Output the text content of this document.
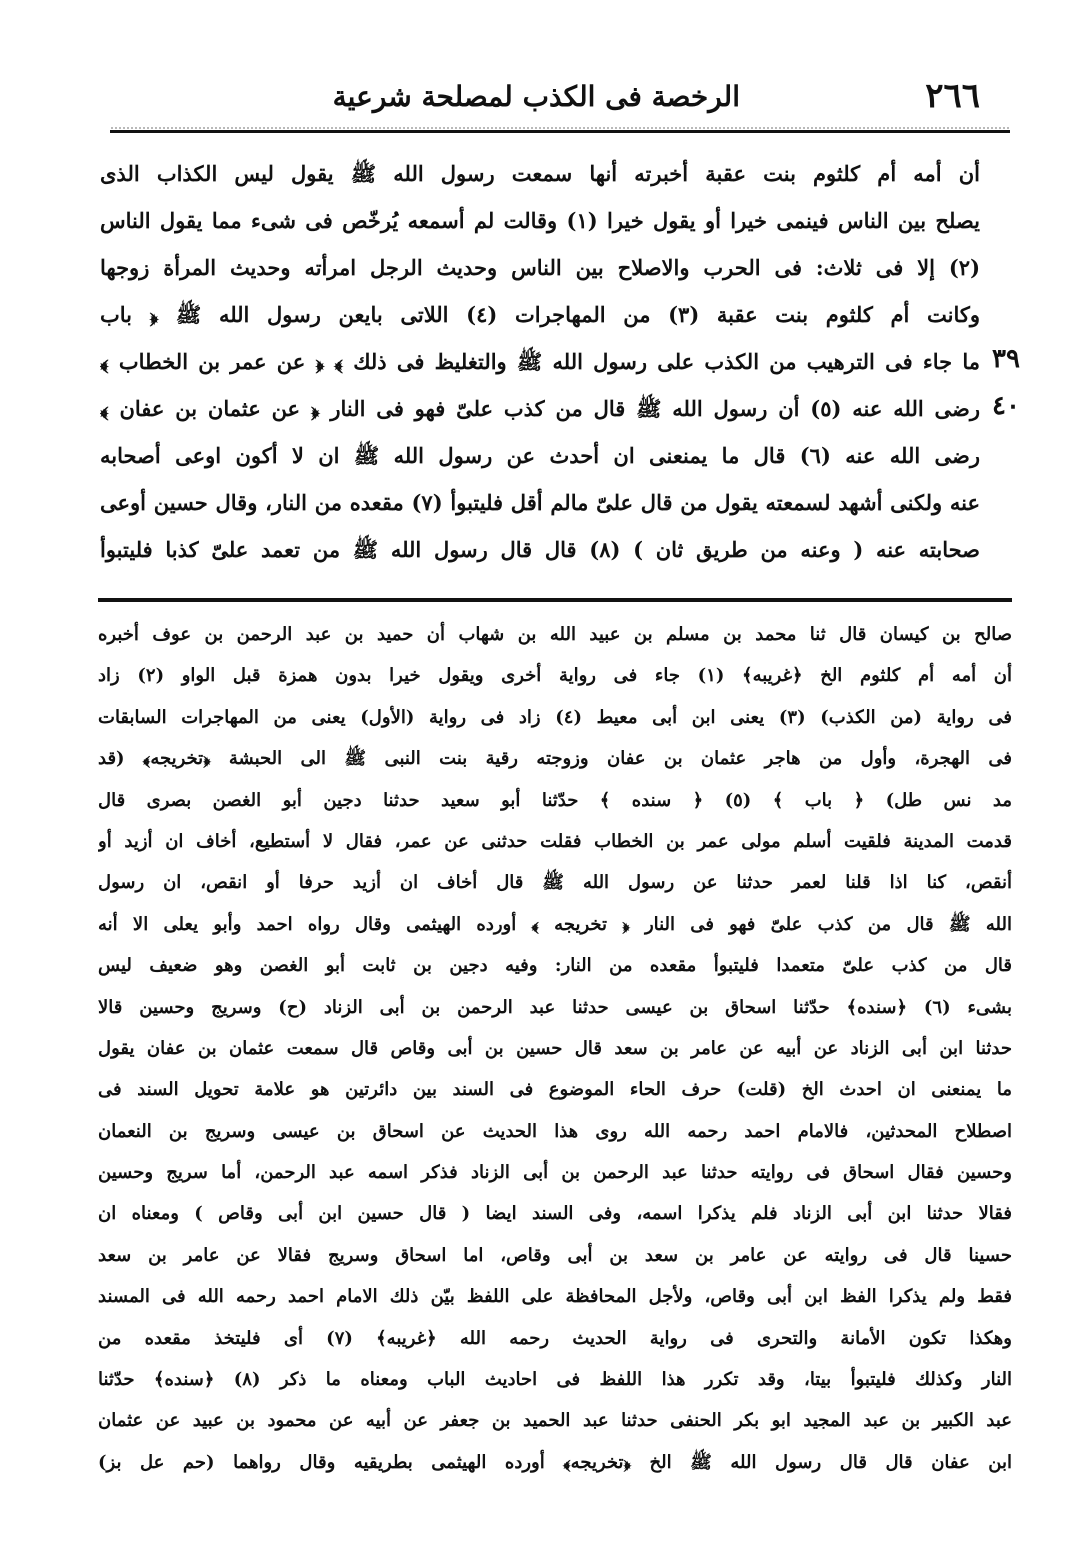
٢٦٦
الرخصة فى الكذب لمصلحة شرعية
٣٩
٤٠
أن أمه أم كلثوم بنت عقبة أخبرته أنها سمعت رسول الله ﷺ يقول ليس الكذاب الذى
يصلح بين الناس فينمى خيرا أو يقول خيرا (١) وقالت لم أسمعه يُرخّص فى شىء مما يقول الناس
(٢) إلا فى ثلاث: فى الحرب والاصلاح بين الناس وحديث الرجل امرأته وحديث المرأة زوجها
وكانت أم كلثوم بنت عقبة (٣) من المهاجرات (٤) اللاتى بايعن رسول الله ﷺ ﴿ باب
ما جاء فى الترهيب من الكذب على رسول الله ﷺ والتغليظ فى ذلك ﴾ ﴿ عن عمر بن الخطاب ﴾
رضى الله عنه (٥) أن رسول الله ﷺ قال من كذب علىّ فهو فى النار ﴿ عن عثمان بن عفان ﴾
رضى الله عنه (٦) قال ما يمنعنى ان أحدث عن رسول الله ﷺ ان لا أكون اوعى أصحابه
عنه ولكنى أشهد لسمعته يقول من قال علىّ مالم أقل فليتبوأ (٧) مقعده من النار، وقال حسين أوعى
صحابته عنه ( وعنه من طريق ثان ) (٨) قال قال رسول الله ﷺ من تعمد علىّ كذبا فليتبوأ
صالح بن كيسان قال ثنا محمد بن مسلم بن عبيد الله بن شهاب أن حميد بن عبد الرحمن بن عوف أخبره
أن أمه أم كلثوم الخ ﴿غريبه﴾ (١) جاء فى رواية أخرى ويقول خيرا بدون همزة قبل الواو (٢) زاد
فى رواية (من الكذب) (٣) يعنى ابن أبى معيط (٤) زاد فى رواية (الأول) يعنى من المهاجرات السابقات
فى الهجرة، وأول من هاجر عثمان بن عفان وزوجته رقية بنت النبى ﷺ الى الحبشة ﴿تخريجه﴾ (قد
مد نس طل) ﴿ باب ﴾ (٥) ﴿ سنده ﴾ حدّثنا أبو سعيد حدثنا دجين أبو الغصن بصرى قال
قدمت المدينة فلقيت أسلم مولى عمر بن الخطاب فقلت حدثنى عن عمر، فقال لا أستطيع، أخاف ان أزيد أو
أنقص، كنا اذا قلنا لعمر حدثنا عن رسول الله ﷺ قال أخاف ان أزيد حرفا أو انقص، ان رسول
الله ﷺ قال من كذب علىّ فهو فى النار ﴿ تخريجه ﴾ أورده الهيثمى وقال رواه احمد وأبو يعلى الا أنه
قال من كذب علىّ متعمدا فليتبوأ مقعده من النار: وفيه دجين بن ثابت أبو الغصن وهو ضعيف ليس
بشىء (٦) ﴿سنده﴾ حدّثنا اسحاق بن عيسى حدثنا عبد الرحمن بن أبى الزناد (ح) وسريج وحسين قالا
حدثنا ابن أبى الزناد عن أبيه عن عامر بن سعد قال حسين بن أبى وقاص قال سمعت عثمان بن عفان يقول
ما يمنعنى ان احدث الخ (قلت) حرف الحاء الموضوع فى السند بين دائرتين هو علامة تحويل السند فى
اصطلاح المحدثين، فالامام احمد رحمه الله روى هذا الحديث عن اسحاق بن عيسى وسريج بن النعمان
وحسين فقال اسحاق فى روايته حدثنا عبد الرحمن بن أبى الزناد فذكر اسمه عبد الرحمن، أما سريج وحسين
فقالا حدثنا ابن أبى الزناد فلم يذكرا اسمه، وفى السند ايضا ( قال حسين ابن أبى وقاص ) ومعناه ان
حسينا قال فى روايته عن عامر بن سعد بن أبى وقاص، اما اسحاق وسريج فقالا عن عامر بن سعد
فقط ولم يذكرا الفظ ابن أبى وقاص، ولأجل المحافظة على اللفظ بيّن ذلك الامام احمد رحمه الله فى المسند
وهكذا تكون الأمانة والتحرى فى رواية الحديث رحمه الله ﴿غريبه﴾ (٧) أى فليتخذ مقعده من
النار وكذلك فليتبوأ بيتا، وقد تكرر هذا اللفظ فى احاديث الباب ومعناه ما ذكر (٨) ﴿سنده﴾ حدّثنا
عبد الكبير بن عبد المجيد ابو بكر الحنفى حدثنا عبد الحميد بن جعفر عن أبيه عن محمود بن عبيد عن عثمان
ابن عفان قال قال رسول الله ﷺ الخ ﴿تخريجه﴾ أورده الهيثمى بطريقيه وقال رواهما (حم عل بز)
